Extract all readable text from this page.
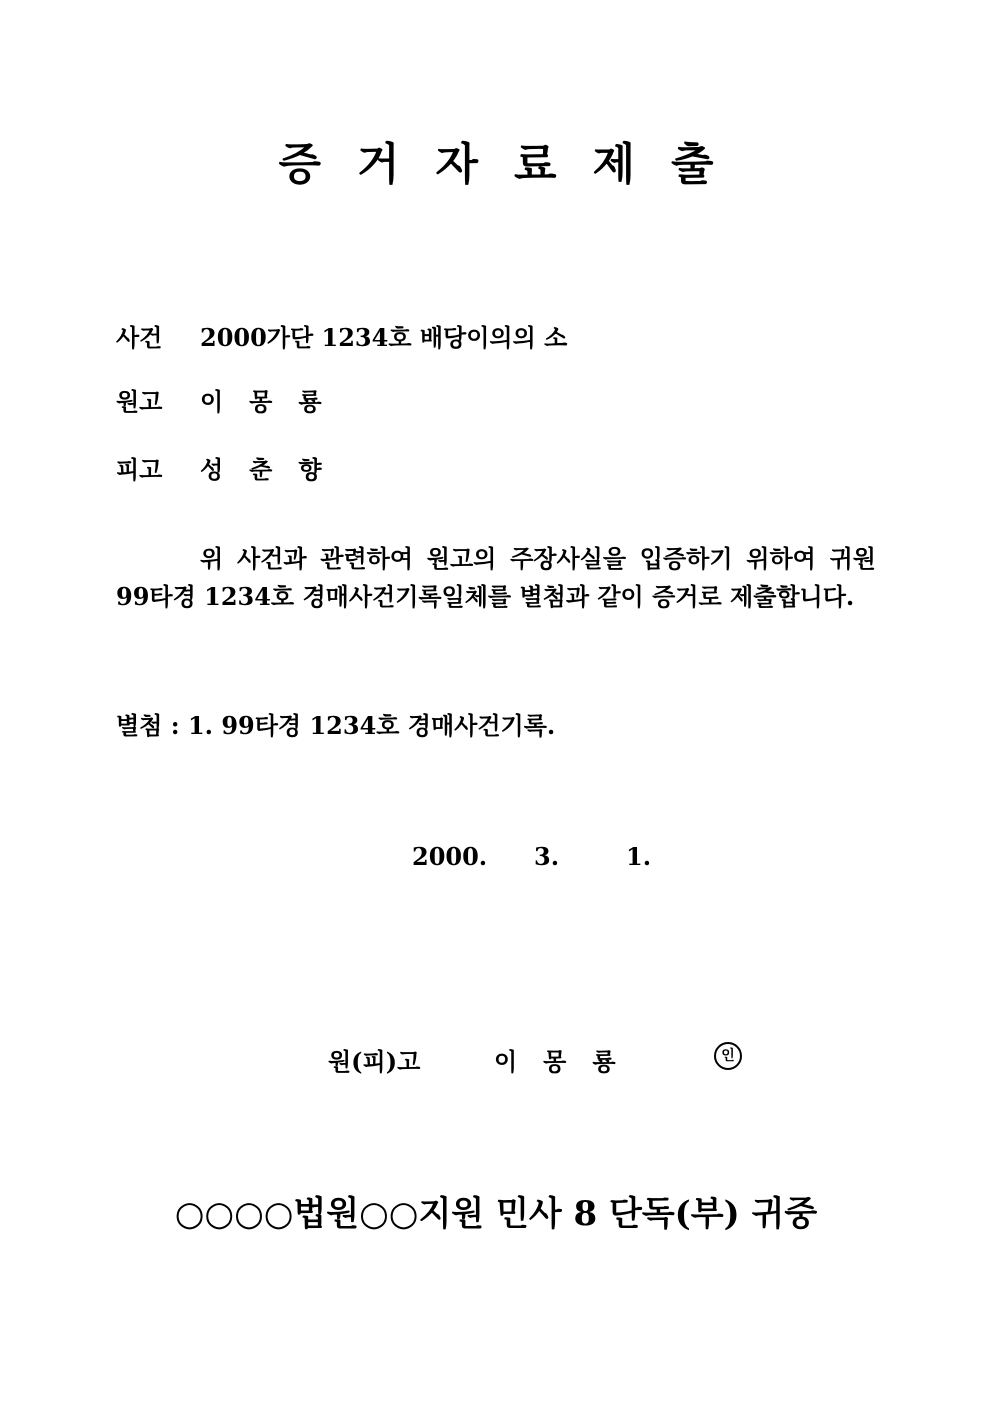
증거자료제출
사건 2000가단 1234호 배당이의의 소
원고 이몽룡
피고 성춘향
위 사건과 관련하여 원고의 주장사실을 입증하기 위하여 귀원 99타경 1234호 경매사건기록일체를 별첨과 같이 증거로 제출합니다.
별첨 : 1. 99타경 1234호 경매사건기록.
2000. 3.	1.
원(피)고	이몽룡	인
○○○○법원○○지원 민사 8 단독(부) 귀중
